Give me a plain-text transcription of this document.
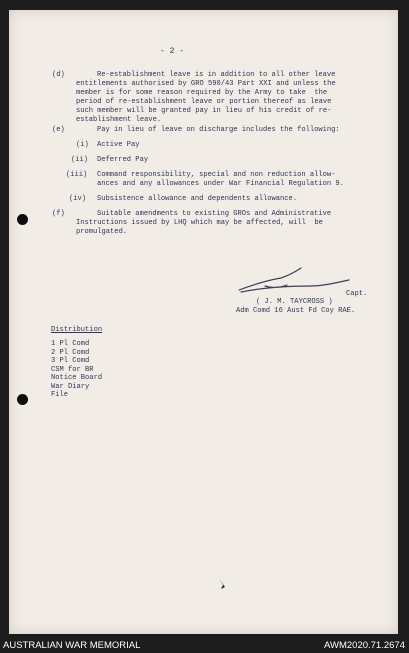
- 2 -
(d)	Re-establishment leave is in addition to all other leave
entitlements authorised by GRO 590/43 Part XXI and unless the
member is for some reason required by the Army to take  the
period of re-establishment leave or portion thereof as leave
such member will be granted pay in lieu of his credit of re-
establishment leave.
(e)	Pay in lieu of leave on discharge includes the following:
(i) Active Pay
(ii) Deferred Pay
(iii) Command responsibility, special and non reduction allow-
ances and any allowances under War Financial Regulation 9.
(iv) Subsistence allowance and dependents allowance.
(f)	Suitable amendments to existing GROs and Administrative
Instructions issued by LHQ which may be affected, will  be
promulgated.
Capt.
( J. M. TAYCROSS )
Adm Comd 16 Aust Fd Coy RAE.
Distribution
1 Pl Comd
2 Pl Comd
3 Pl Comd
CSM for BR
Notice Board
War Diary
File
AUSTRALIAN WAR MEMORIAL	AWM2020.71.2674
